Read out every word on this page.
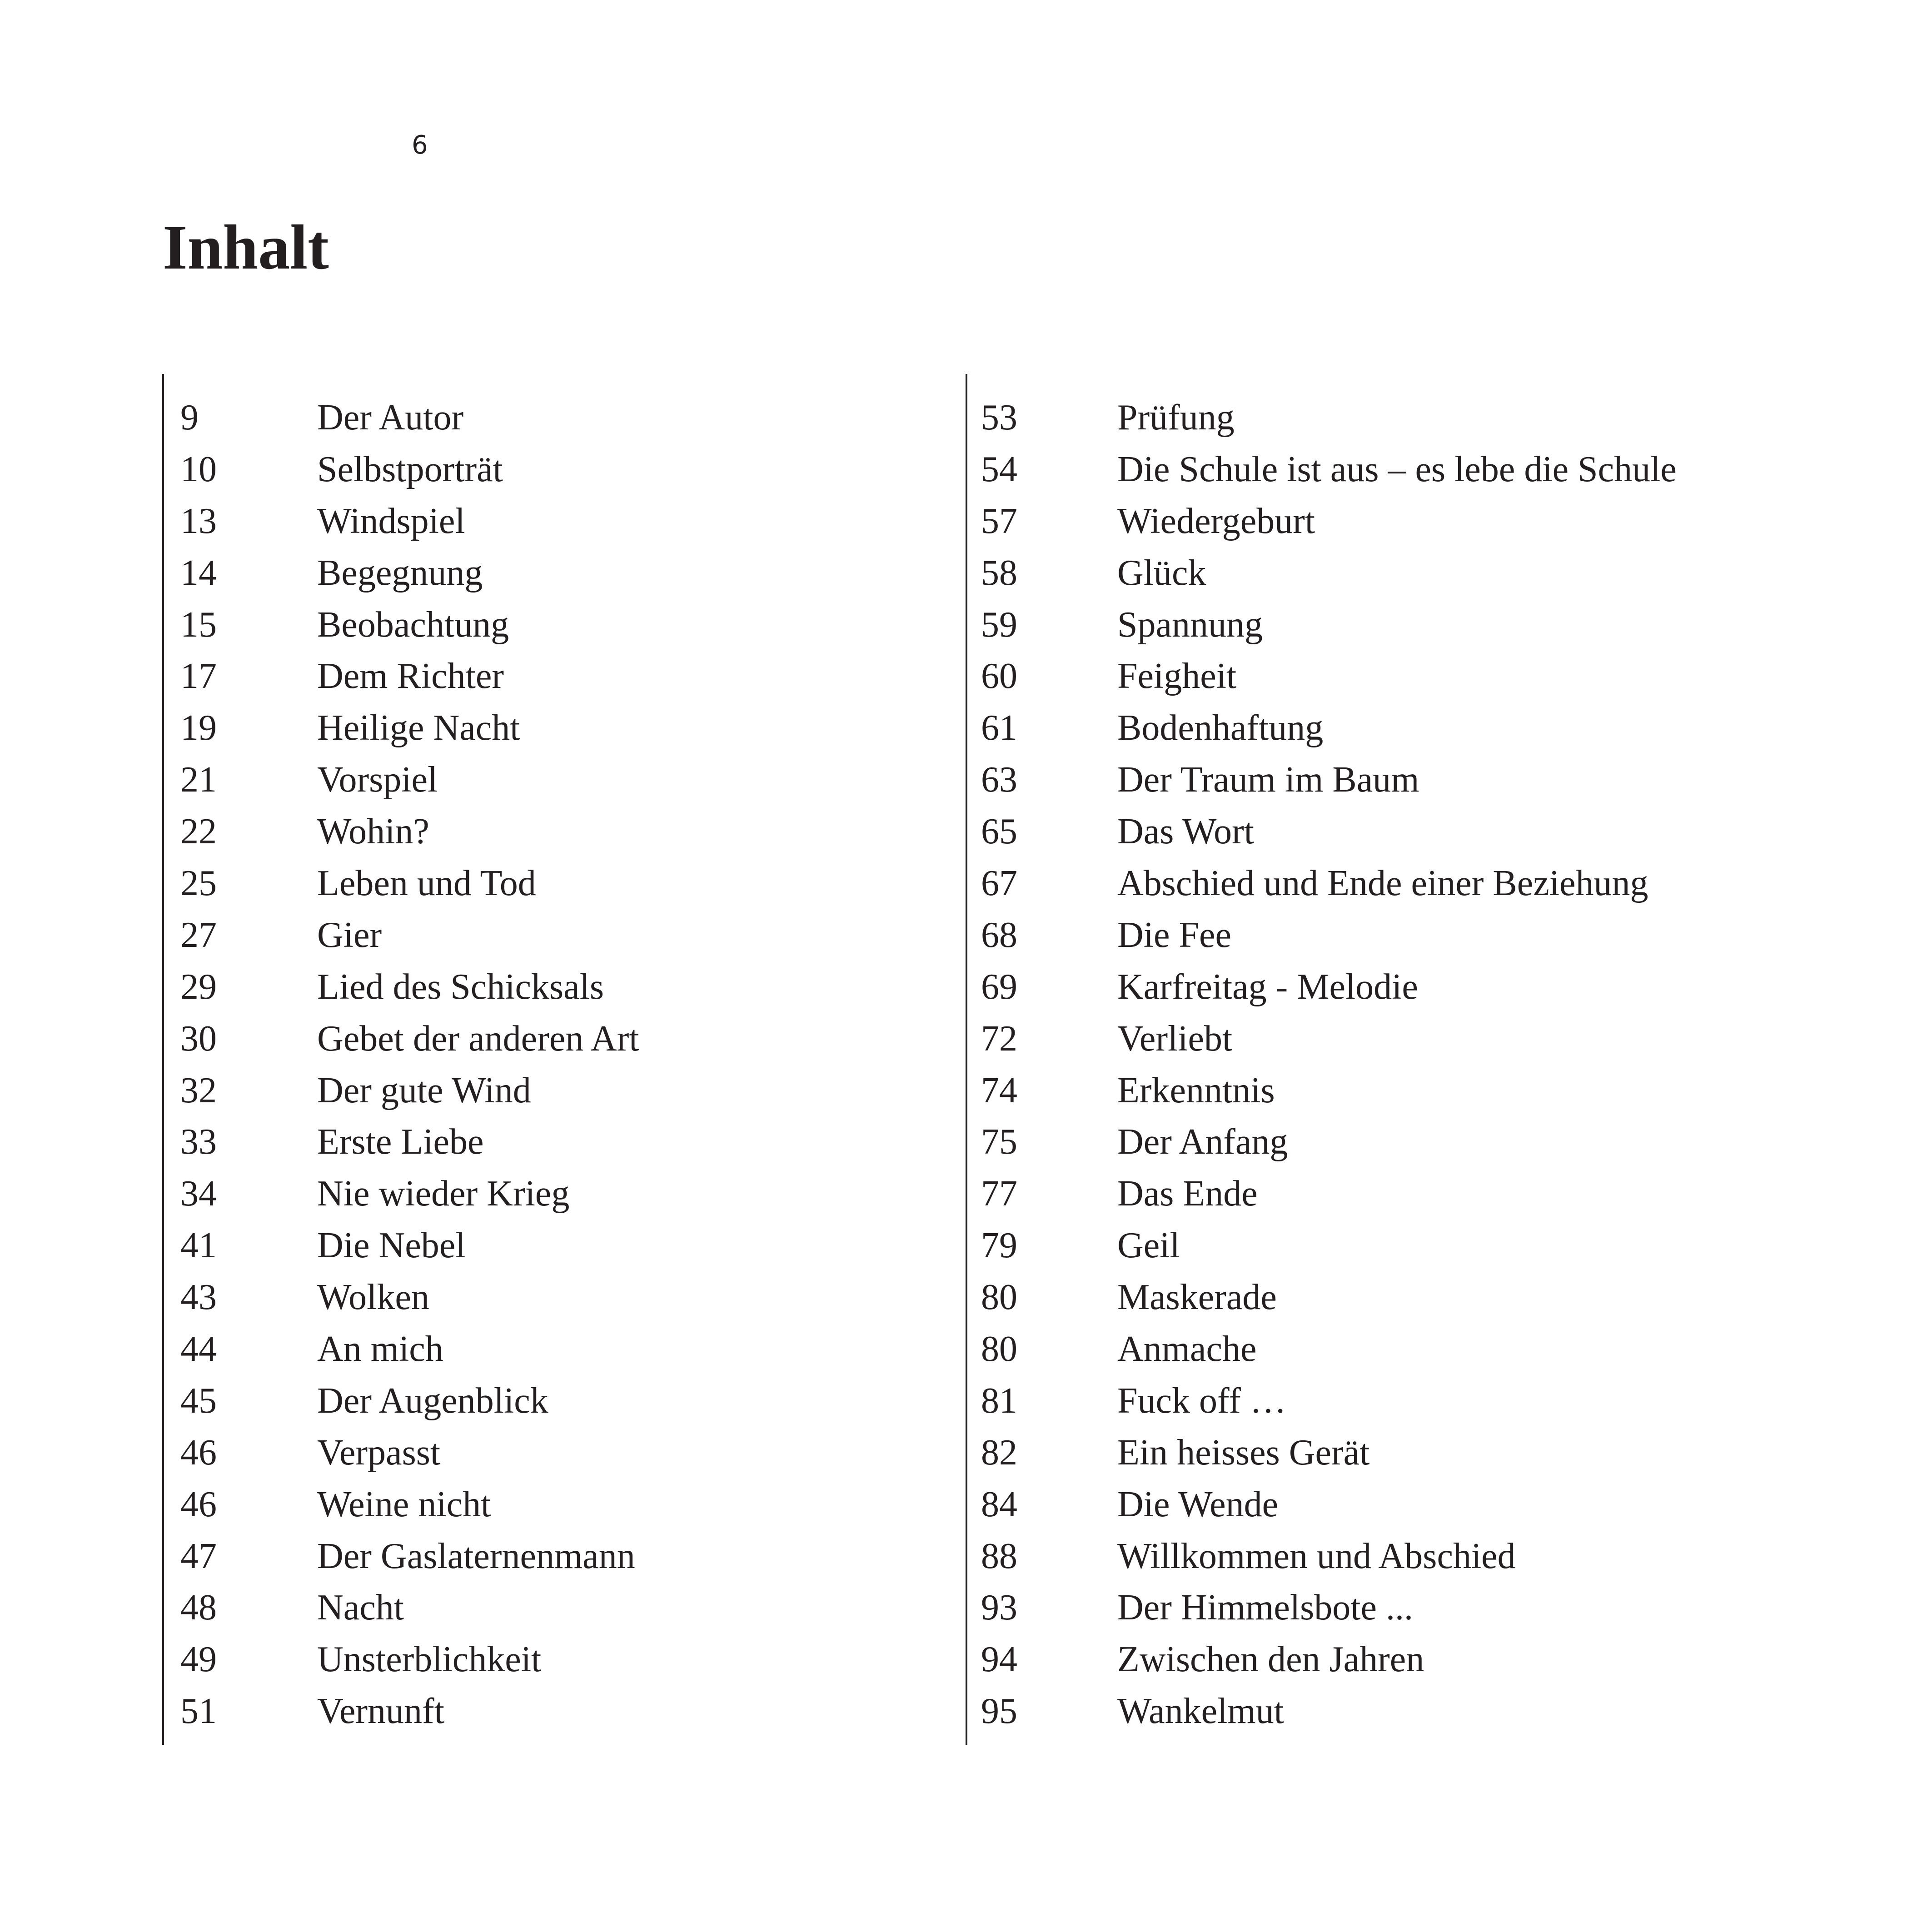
6
Inhalt
9	Der Autor
10	Selbstporträt
13	Windspiel
14	Begegnung
15	Beobachtung
17	Dem Richter
19	Heilige Nacht
21	Vorspiel
22	Wohin?
25	Leben und Tod
27	Gier
29	Lied des Schicksals
30	Gebet der anderen Art
32	Der gute Wind
33	Erste Liebe
34	Nie wieder Krieg
41	Die Nebel
43	Wolken
44	An mich
45	Der Augenblick
46	Verpasst
46	Weine nicht
47	Der Gaslaternenmann
48	Nacht
49	Unsterblichkeit
51	Vernunft
53	Prüfung
54	Die Schule ist aus – es lebe die Schule
57	Wiedergeburt
58	Glück
59	Spannung
60	Feigheit
61	Bodenhaftung
63	Der Traum im Baum
65	Das Wort
67	Abschied und Ende einer Beziehung
68	Die Fee
69	Karfreitag - Melodie
72	Verliebt
74	Erkenntnis
75	Der Anfang
77	Das Ende
79	Geil
80	Maskerade
80	Anmache
81	Fuck off …
82	Ein heisses Gerät
84	Die Wende
88	Willkommen und Abschied
93	Der Himmelsbote ...
94	Zwischen den Jahren
95	Wankelmut
